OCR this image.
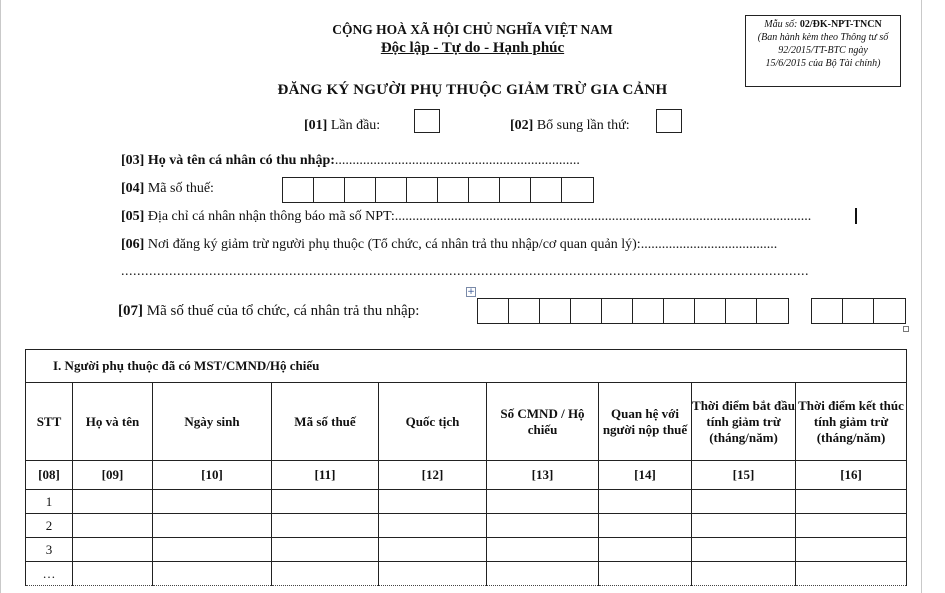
CỘNG HOÀ XÃ HỘI CHỦ NGHĨA VIỆT NAM
Độc lập - Tự do - Hạnh phúc
ĐĂNG KÝ NGƯỜI PHỤ THUỘC GIẢM TRỪ GIA CẢNH
Mẫu số: 02/ĐK-NPT-TNCN
(Ban hành kèm theo Thông tư số
92/2015/TT-BTC ngày
15/6/2015 của Bộ Tài chính)
[01] Lần đầu:	[02] Bổ sung lần thứ:
[03] Họ và tên cá nhân có thu nhập:......................................................................
[04] Mã số thuế:
[05] Địa chỉ cá nhân nhận thông báo mã số NPT:.......................................................................................................................
[06] Nơi đăng ký giảm trừ người phụ thuộc (Tổ chức, cá nhân trả thu nhập/cơ quan quản lý):.......................................
............................................................................................................................................................................
+
[07] Mã số thuế của tổ chức, cá nhân trả thu nhập:
I. Người phụ thuộc đã có MST/CMND/Hộ chiếu								
STT	Họ và tên	Ngày sinh	Mã số thuế	Quốc tịch	Số CMND / Hộ chiếu	Quan hệ với người nộp thuế	Thời điểm bắt đầu tính giảm trừ (tháng/năm)	Thời điểm kết thúc tính giảm trừ (tháng/năm)
[08]	[09]	[10]	[11]	[12]	[13]	[14]	[15]	[16]
1								
2								
3								
…								
